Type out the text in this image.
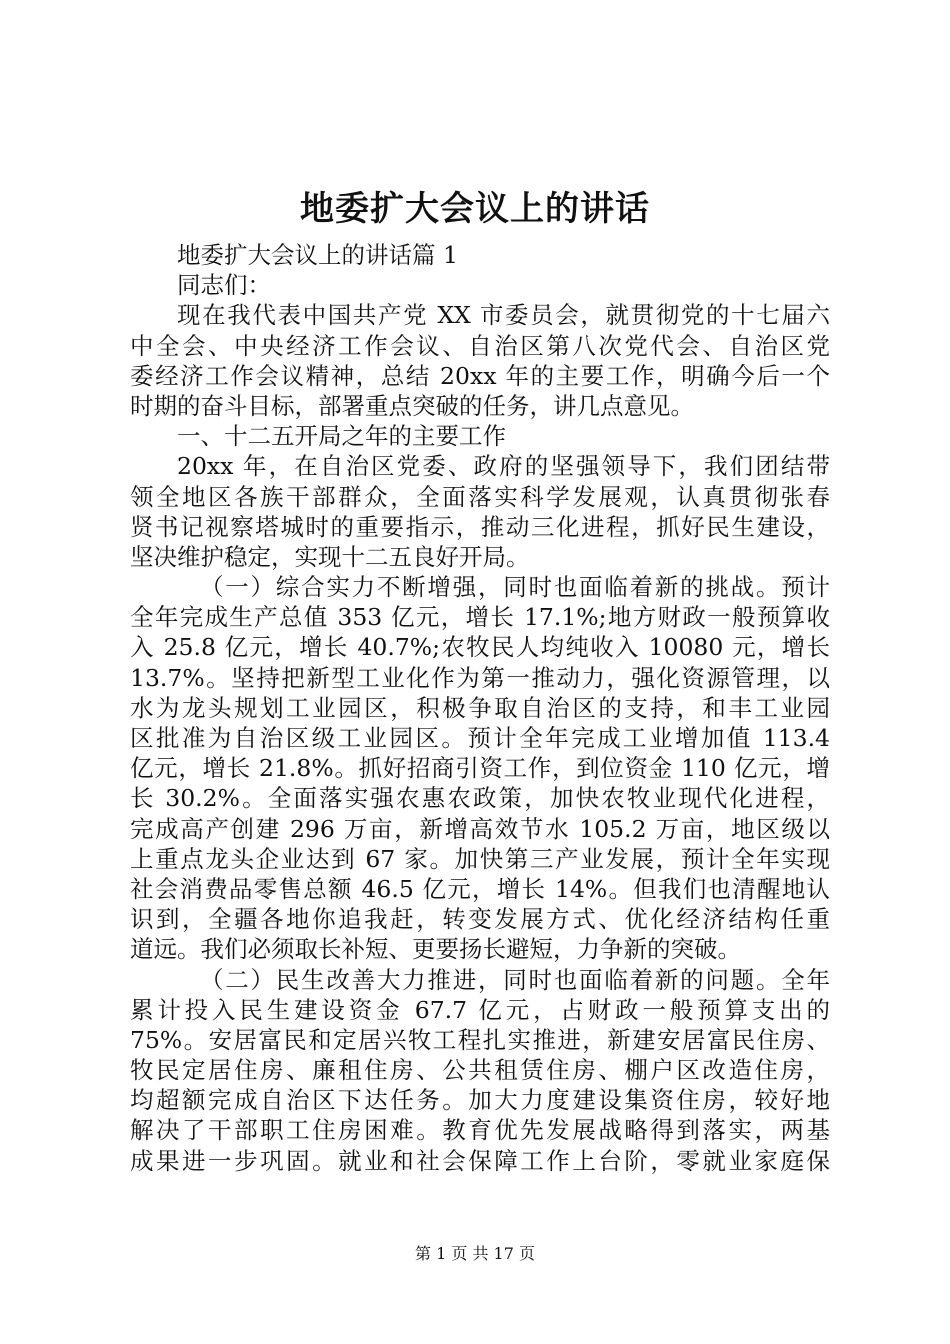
地委扩大会议上的讲话
地委扩大会议上的讲话篇 1
同志们：
现在我代表中国共产党 XX 市委员会，就贯彻党的十七届六
中全会、中央经济工作会议、自治区第八次党代会、自治区党
委经济工作会议精神，总结 20xx 年的主要工作，明确今后一个
时期的奋斗目标，部署重点突破的任务，讲几点意见。
一、十二五开局之年的主要工作
20xx 年，在自治区党委、政府的坚强领导下，我们团结带
领全地区各族干部群众，全面落实科学发展观，认真贯彻张春
贤书记视察塔城时的重要指示，推动三化进程，抓好民生建设，
坚决维护稳定，实现十二五良好开局。
（一）综合实力不断增强，同时也面临着新的挑战。预计
全年完成生产总值 353 亿元，增长 17.1%;地方财政一般预算收
入 25.8 亿元，增长 40.7%;农牧民人均纯收入 10080 元，增长
13.7%。坚持把新型工业化作为第一推动力，强化资源管理，以
水为龙头规划工业园区，积极争取自治区的支持，和丰工业园
区批准为自治区级工业园区。预计全年完成工业增加值 113.4
亿元，增长 21.8%。抓好招商引资工作，到位资金 110 亿元，增
长 30.2%。全面落实强农惠农政策，加快农牧业现代化进程，
完成高产创建 296 万亩，新增高效节水 105.2 万亩，地区级以
上重点龙头企业达到 67 家。加快第三产业发展，预计全年实现
社会消费品零售总额 46.5 亿元，增长 14%。但我们也清醒地认
识到，全疆各地你追我赶，转变发展方式、优化经济结构任重
道远。我们必须取长补短、更要扬长避短，力争新的突破。
（二）民生改善大力推进，同时也面临着新的问题。全年
累计投入民生建设资金 67.7 亿元，占财政一般预算支出的
75%。安居富民和定居兴牧工程扎实推进，新建安居富民住房、
牧民定居住房、廉租住房、公共租赁住房、棚户区改造住房，
均超额完成自治区下达任务。加大力度建设集资住房，较好地
解决了干部职工住房困难。教育优先发展战略得到落实，两基
成果进一步巩固。就业和社会保障工作上台阶，零就业家庭保
第 1 页 共 17 页
